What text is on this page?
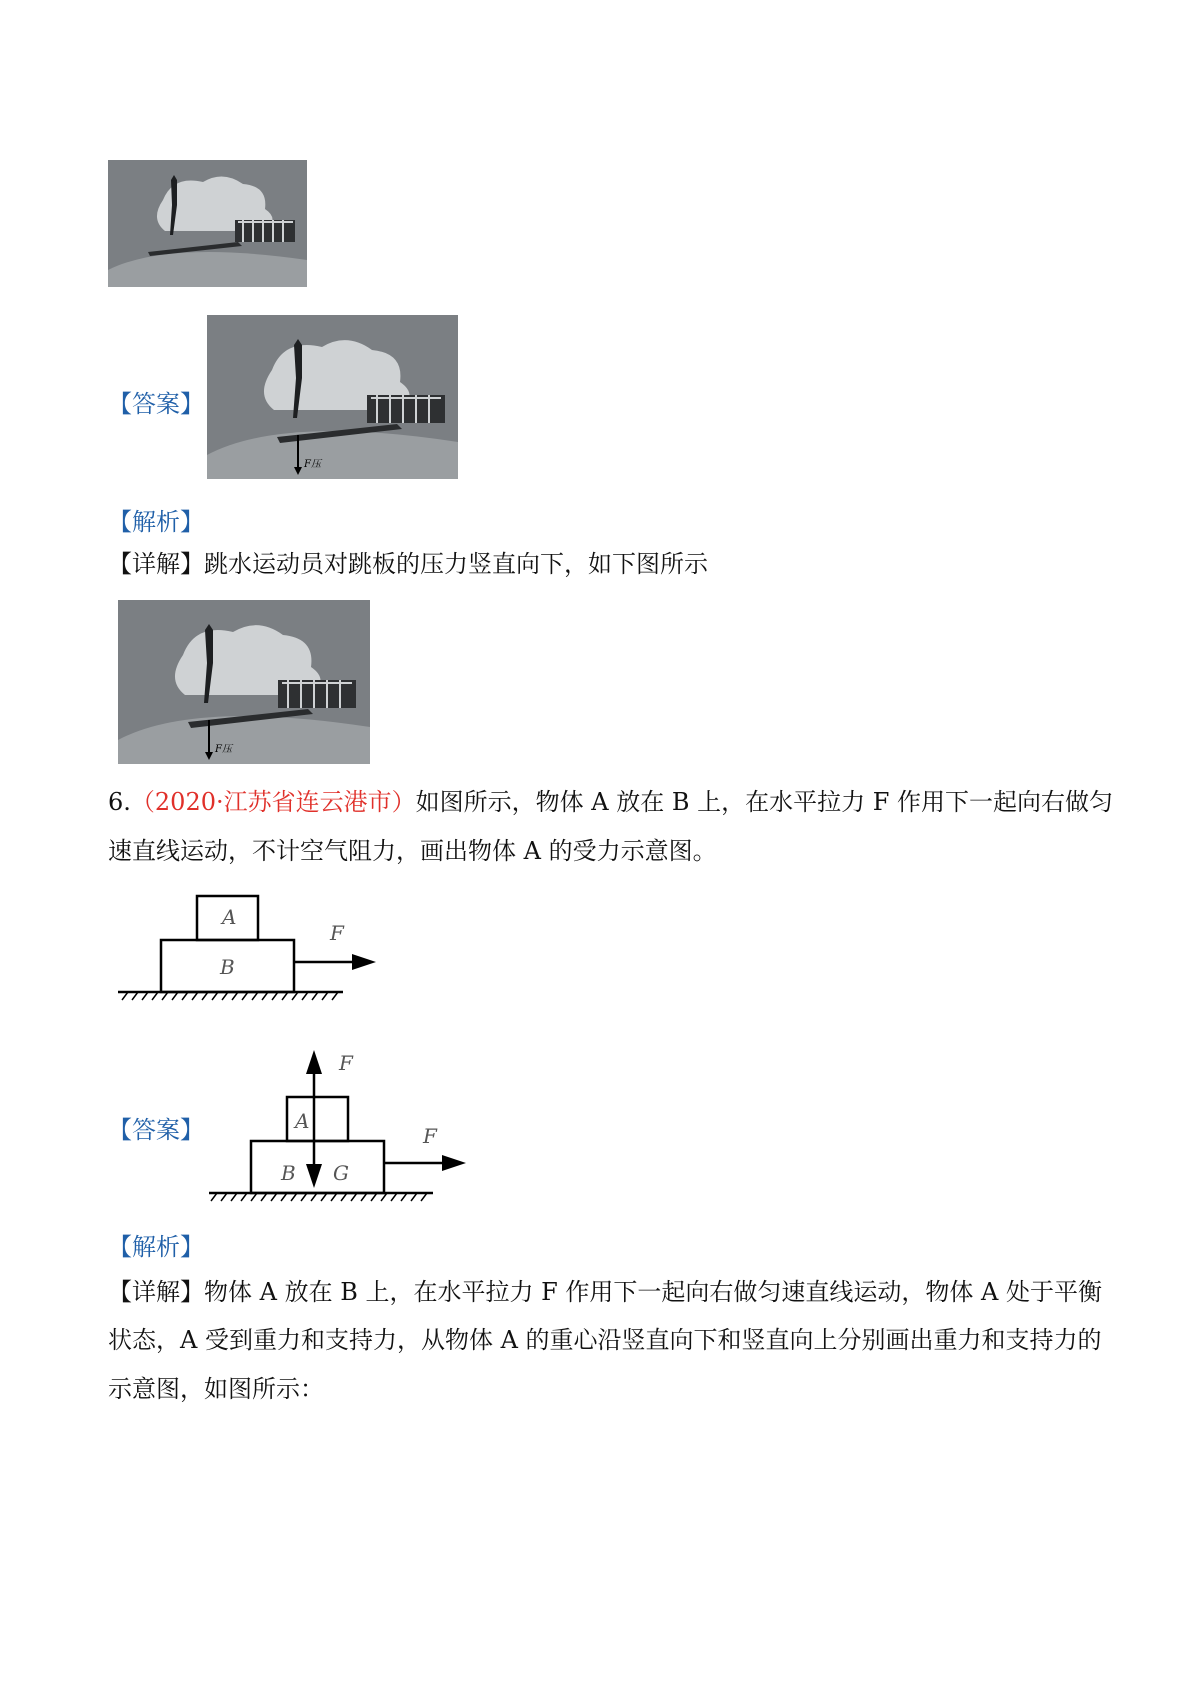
【答案】
F压
【解析】
【详解】跳水运动员对跳板的压力竖直向下，如下图所示
F压
6.（2020·江苏省连云港市）如图所示，物体 A 放在 B 上，在水平拉力 F 作用下一起向右做匀
速直线运动，不计空气阻力，画出物体 A 的受力示意图。
A
B
F
【答案】
F
A
B G
F
【解析】
【详解】物体 A 放在 B 上，在水平拉力 F 作用下一起向右做匀速直线运动，物体 A 处于平衡
状态，A 受到重力和支持力，从物体 A 的重心沿竖直向下和竖直向上分别画出重力和支持力的
示意图，如图所示：
